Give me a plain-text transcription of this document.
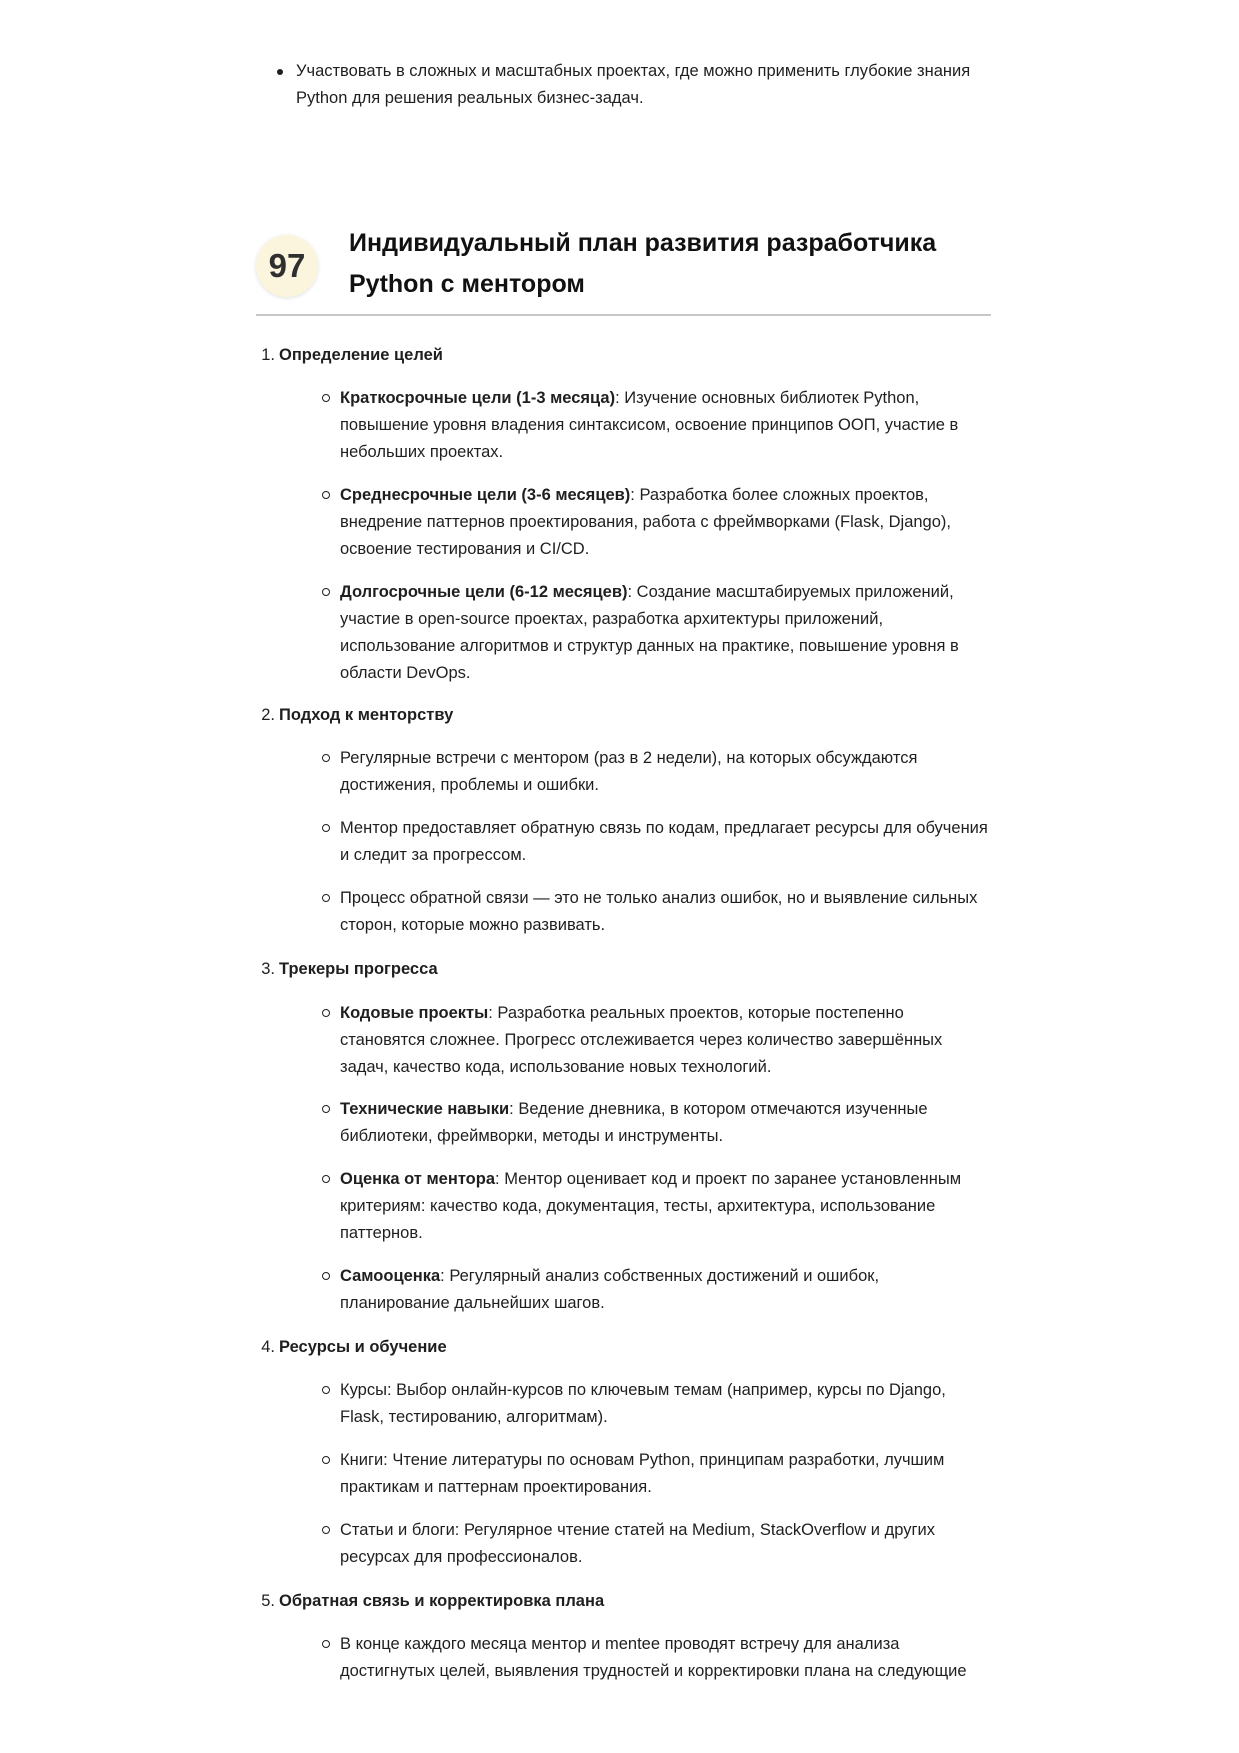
Участвовать в сложных и масштабных проектах, где можно применить глубокие знания Python для решения реальных бизнес-задач.
97
Индивидуальный план развития разработчика Python с ментором
1. Определение целей
Краткосрочные цели (1-3 месяца): Изучение основных библиотек Python, повышение уровня владения синтаксисом, освоение принципов ООП, участие в небольших проектах.
Среднесрочные цели (3-6 месяцев): Разработка более сложных проектов, внедрение паттернов проектирования, работа с фреймворками (Flask, Django), освоение тестирования и CI/CD.
Долгосрочные цели (6-12 месяцев): Создание масштабируемых приложений, участие в open-source проектах, разработка архитектуры приложений, использование алгоритмов и структур данных на практике, повышение уровня в области DevOps.
2. Подход к менторству
Регулярные встречи с ментором (раз в 2 недели), на которых обсуждаются достижения, проблемы и ошибки.
Ментор предоставляет обратную связь по кодам, предлагает ресурсы для обучения и следит за прогрессом.
Процесс обратной связи — это не только анализ ошибок, но и выявление сильных сторон, которые можно развивать.
3. Трекеры прогресса
Кодовые проекты: Разработка реальных проектов, которые постепенно становятся сложнее. Прогресс отслеживается через количество завершённых задач, качество кода, использование новых технологий.
Технические навыки: Ведение дневника, в котором отмечаются изученные библиотеки, фреймворки, методы и инструменты.
Оценка от ментора: Ментор оценивает код и проект по заранее установленным критериям: качество кода, документация, тесты, архитектура, использование паттернов.
Самооценка: Регулярный анализ собственных достижений и ошибок, планирование дальнейших шагов.
4. Ресурсы и обучение
Курсы: Выбор онлайн-курсов по ключевым темам (например, курсы по Django, Flask, тестированию, алгоритмам).
Книги: Чтение литературы по основам Python, принципам разработки, лучшим практикам и паттернам проектирования.
Статьи и блоги: Регулярное чтение статей на Medium, StackOverflow и других ресурсах для профессионалов.
5. Обратная связь и корректировка плана
В конце каждого месяца ментор и mentee проводят встречу для анализа достигнутых целей, выявления трудностей и корректировки плана на следующие
